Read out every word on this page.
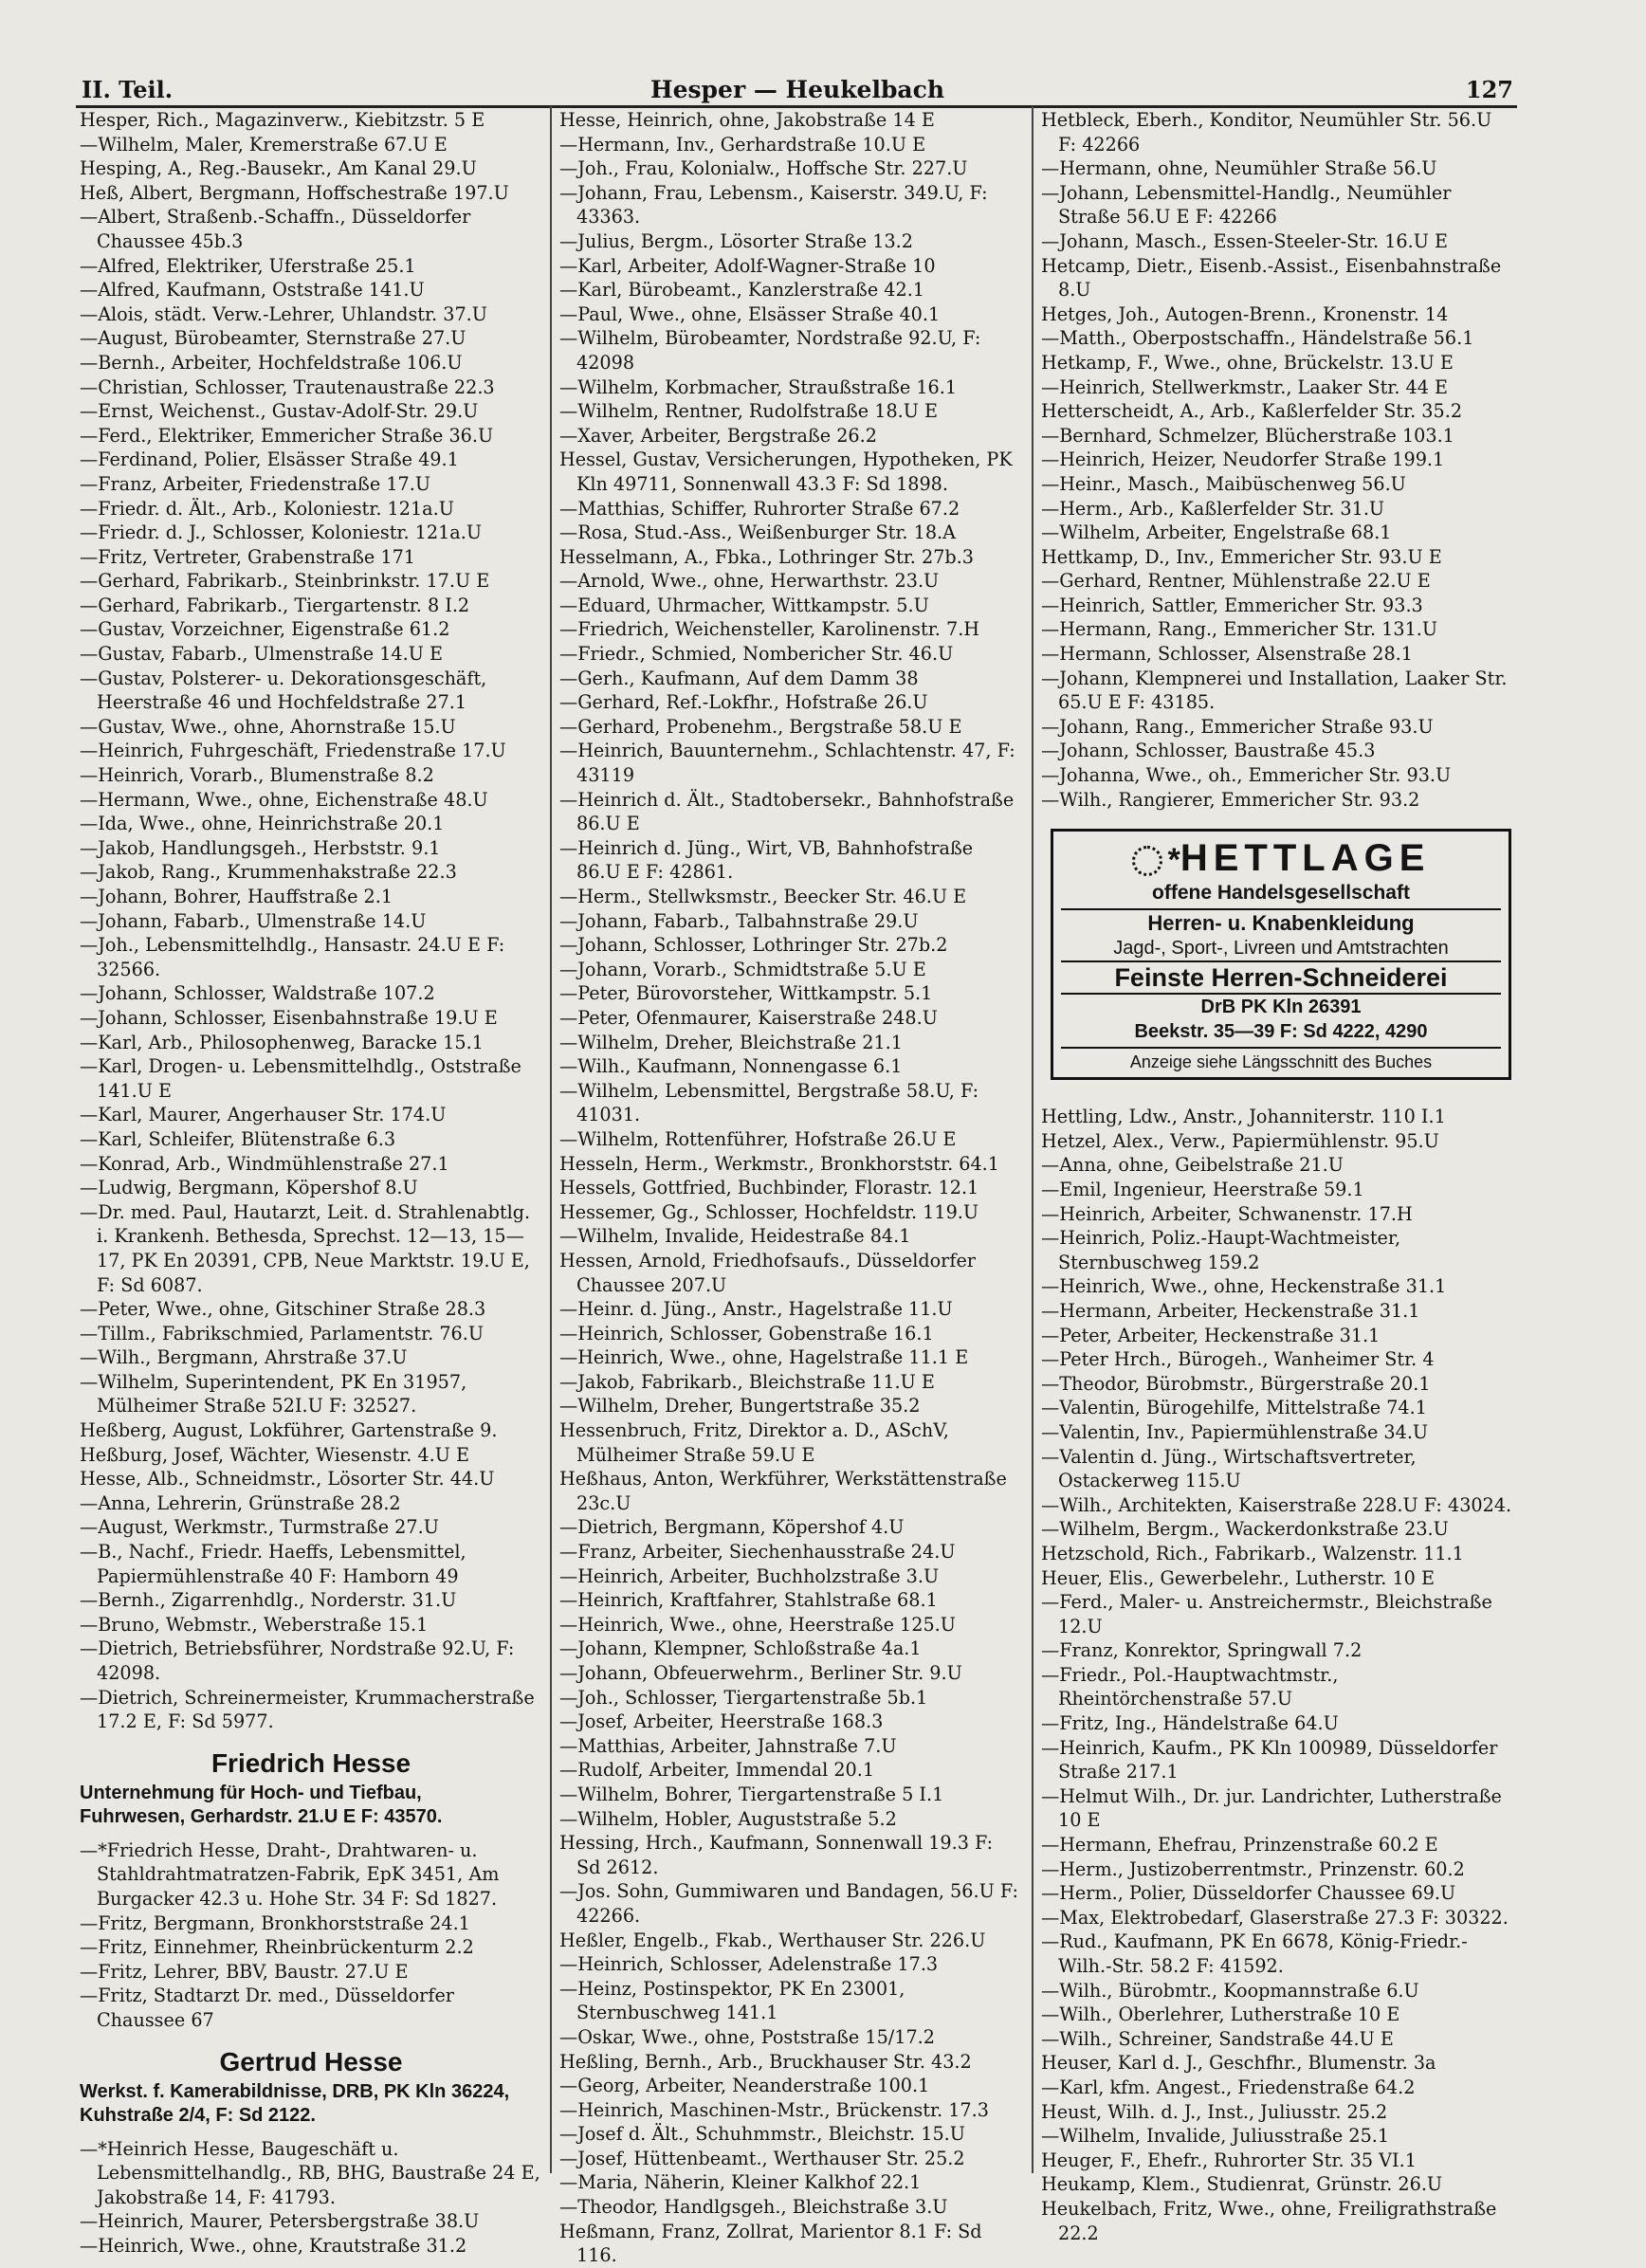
II. Teil.	Hesper — Heukelbach	127

Hesper, Rich., Magazinverw., Kiebitzstr. 5 E

—Wilhelm, Maler, Kremerstraße 67.U E

Hesping, A., Reg.-Bausekr., Am Kanal 29.U

Heß, Albert, Bergmann, Hoffschestraße 197.U

—Albert, Straßenb.-Schaffn., Düsseldorfer Chaussee 45b.3

—Alfred, Elektriker, Uferstraße 25.1

—Alfred, Kaufmann, Oststraße 141.U

—Alois, städt. Verw.-Lehrer, Uhlandstr. 37.U

—August, Bürobeamter, Sternstraße 27.U

—Bernh., Arbeiter, Hochfeldstraße 106.U

—Christian, Schlosser, Trautenaustraße 22.3

—Ernst, Weichenst., Gustav-Adolf-Str. 29.U

—Ferd., Elektriker, Emmericher Straße 36.U

—Ferdinand, Polier, Elsässer Straße 49.1

—Franz, Arbeiter, Friedenstraße 17.U

—Friedr. d. Ält., Arb., Koloniestr. 121a.U

—Friedr. d. J., Schlosser, Koloniestr. 121a.U

—Fritz, Vertreter, Grabenstraße 171

—Gerhard, Fabrikarb., Steinbrinkstr. 17.U E

—Gerhard, Fabrikarb., Tiergartenstr. 8 I.2

—Gustav, Vorzeichner, Eigenstraße 61.2

—Gustav, Fabarb., Ulmenstraße 14.U E

—Gustav, Polsterer- u. Dekorationsgeschäft, Heerstraße 46 und Hochfeldstraße 27.1

—Gustav, Wwe., ohne, Ahornstraße 15.U

—Heinrich, Fuhrgeschäft, Friedenstraße 17.U

—Heinrich, Vorarb., Blumenstraße 8.2

—Hermann, Wwe., ohne, Eichenstraße 48.U

—Ida, Wwe., ohne, Heinrichstraße 20.1

—Jakob, Handlungsgeh., Herbststr. 9.1

—Jakob, Rang., Krummenhakstraße 22.3

—Johann, Bohrer, Hauffstraße 2.1

—Johann, Fabarb., Ulmenstraße 14.U

—Joh., Lebensmittelhdlg., Hansastr. 24.U E F: 32566.

—Johann, Schlosser, Waldstraße 107.2

—Johann, Schlosser, Eisenbahnstraße 19.U E

—Karl, Arb., Philosophenweg, Baracke 15.1

—Karl, Drogen- u. Lebensmittelhdlg., Oststraße 141.U E

—Karl, Maurer, Angerhauser Str. 174.U

—Karl, Schleifer, Blütenstraße 6.3

—Konrad, Arb., Windmühlenstraße 27.1

—Ludwig, Bergmann, Köpershof 8.U

—Dr. med. Paul, Hautarzt, Leit. d. Strahlenabtlg. i. Krankenh. Bethesda, Sprechst. 12—13, 15—17, PK En 20391, CPB, Neue Marktstr. 19.U E, F: Sd 6087.

—Peter, Wwe., ohne, Gitschiner Straße 28.3

—Tillm., Fabrikschmied, Parlamentstr. 76.U

—Wilh., Bergmann, Ahrstraße 37.U

—Wilhelm, Superintendent, PK En 31957, Mülheimer Straße 52I.U F: 32527.

Heßberg, August, Lokführer, Gartenstraße 9.

Heßburg, Josef, Wächter, Wiesenstr. 4.U E

Hesse, Alb., Schneidmstr., Lösorter Str. 44.U

—Anna, Lehrerin, Grünstraße 28.2

—August, Werkmstr., Turmstraße 27.U

—B., Nachf., Friedr. Haeffs, Lebensmittel, Papiermühlenstraße 40 F: Hamborn 49

—Bernh., Zigarrenhdlg., Norderstr. 31.U

—Bruno, Webmstr., Weberstraße 15.1

—Dietrich, Betriebsführer, Nordstraße 92.U, F: 42098.

—Dietrich, Schreinermeister, Krummacherstraße 17.2 E, F: Sd 5977.

Friedrich Hesse
Unternehmung für Hoch- und Tiefbau,
Fuhrwesen, Gerhardstr. 21.U E F: 43570.

—*Friedrich Hesse, Draht-, Drahtwaren- u. Stahldrahtmatratzen-Fabrik, EpK 3451, Am Burgacker 42.3 u. Hohe Str. 34 F: Sd 1827.

—Fritz, Bergmann, Bronkhorststraße 24.1

—Fritz, Einnehmer, Rheinbrückenturm 2.2

—Fritz, Lehrer, BBV, Baustr. 27.U E

—Fritz, Stadtarzt Dr. med., Düsseldorfer Chaussee 67

Gertrud Hesse
Werkst. f. Kamerabildnisse, DRB, PK Kln 36224, Kuhstraße 2/4, F: Sd 2122.

—*Heinrich Hesse, Baugeschäft u. Lebensmittelhandlg., RB, BHG, Baustraße 24 E, Jakobstraße 14, F: 41793.

—Heinrich, Maurer, Petersbergstraße 38.U

—Heinrich, Wwe., ohne, Krautstraße 31.2

Hesse, Heinrich, ohne, Jakobstraße 14 E

—Hermann, Inv., Gerhardstraße 10.U E

—Joh., Frau, Kolonialw., Hoffsche Str. 227.U

—Johann, Frau, Lebensm., Kaiserstr. 349.U, F: 43363.

—Julius, Bergm., Lösorter Straße 13.2

—Karl, Arbeiter, Adolf-Wagner-Straße 10

—Karl, Bürobeamt., Kanzlerstraße 42.1

—Paul, Wwe., ohne, Elsässer Straße 40.1

—Wilhelm, Bürobeamter, Nordstraße 92.U, F: 42098

—Wilhelm, Korbmacher, Straußstraße 16.1

—Wilhelm, Rentner, Rudolfstraße 18.U E

—Xaver, Arbeiter, Bergstraße 26.2

Hessel, Gustav, Versicherungen, Hypotheken, PK Kln 49711, Sonnenwall 43.3 F: Sd 1898.

—Matthias, Schiffer, Ruhrorter Straße 67.2

—Rosa, Stud.-Ass., Weißenburger Str. 18.A

Hesselmann, A., Fbka., Lothringer Str. 27b.3

—Arnold, Wwe., ohne, Herwarthstr. 23.U

—Eduard, Uhrmacher, Wittkampstr. 5.U

—Friedrich, Weichensteller, Karolinenstr. 7.H

—Friedr., Schmied, Nombericher Str. 46.U

—Gerh., Kaufmann, Auf dem Damm 38

—Gerhard, Ref.-Lokfhr., Hofstraße 26.U

—Gerhard, Probenehm., Bergstraße 58.U E

—Heinrich, Bauunternehm., Schlachtenstr. 47, F: 43119

—Heinrich d. Ält., Stadtobersekr., Bahnhofstraße 86.U E

—Heinrich d. Jüng., Wirt, VB, Bahnhofstraße 86.U E F: 42861.

—Herm., Stellwksmstr., Beecker Str. 46.U E

—Johann, Fabarb., Talbahnstraße 29.U

—Johann, Schlosser, Lothringer Str. 27b.2

—Johann, Vorarb., Schmidtstraße 5.U E

—Peter, Bürovorsteher, Wittkampstr. 5.1

—Peter, Ofenmaurer, Kaiserstraße 248.U

—Wilhelm, Dreher, Bleichstraße 21.1

—Wilh., Kaufmann, Nonnengasse 6.1

—Wilhelm, Lebensmittel, Bergstraße 58.U, F: 41031.

—Wilhelm, Rottenführer, Hofstraße 26.U E

Hesseln, Herm., Werkmstr., Bronkhorststr. 64.1

Hessels, Gottfried, Buchbinder, Florastr. 12.1

Hessemer, Gg., Schlosser, Hochfeldstr. 119.U

—Wilhelm, Invalide, Heidestraße 84.1

Hessen, Arnold, Friedhofsaufs., Düsseldorfer Chaussee 207.U

—Heinr. d. Jüng., Anstr., Hagelstraße 11.U

—Heinrich, Schlosser, Gobenstraße 16.1

—Heinrich, Wwe., ohne, Hagelstraße 11.1 E

—Jakob, Fabrikarb., Bleichstraße 11.U E

—Wilhelm, Dreher, Bungertstraße 35.2

Hessenbruch, Fritz, Direktor a. D., ASchV, Mülheimer Straße 59.U E

Heßhaus, Anton, Werkführer, Werkstättenstraße 23c.U

—Dietrich, Bergmann, Köpershof 4.U

—Franz, Arbeiter, Siechenhausstraße 24.U

—Heinrich, Arbeiter, Buchholzstraße 3.U

—Heinrich, Kraftfahrer, Stahlstraße 68.1

—Heinrich, Wwe., ohne, Heerstraße 125.U

—Johann, Klempner, Schloßstraße 4a.1

—Johann, Obfeuerwehrm., Berliner Str. 9.U

—Joh., Schlosser, Tiergartenstraße 5b.1

—Josef, Arbeiter, Heerstraße 168.3

—Matthias, Arbeiter, Jahnstraße 7.U

—Rudolf, Arbeiter, Immendal 20.1

—Wilhelm, Bohrer, Tiergartenstraße 5 I.1

—Wilhelm, Hobler, Auguststraße 5.2

Hessing, Hrch., Kaufmann, Sonnenwall 19.3 F: Sd 2612.

—Jos. Sohn, Gummiwaren und Bandagen, 56.U F: 42266.

Heßler, Engelb., Fkab., Werthauser Str. 226.U

—Heinrich, Schlosser, Adelenstraße 17.3

—Heinz, Postinspektor, PK En 23001, Sternbuschweg 141.1

—Oskar, Wwe., ohne, Poststraße 15/17.2

Heßling, Bernh., Arb., Bruckhauser Str. 43.2

—Georg, Arbeiter, Neanderstraße 100.1

—Heinrich, Maschinen-Mstr., Brückenstr. 17.3

—Josef d. Ält., Schuhmmstr., Bleichstr. 15.U

—Josef, Hüttenbeamt., Werthauser Str. 25.2

—Maria, Näherin, Kleiner Kalkhof 22.1

—Theodor, Handlgsgeh., Bleichstraße 3.U

Heßmann, Franz, Zollrat, Marientor 8.1 F: Sd 116.

Hetbleck, Eberh., Konditor, Neumühler Str. 56.U F: 42266

—Hermann, ohne, Neumühler Straße 56.U

—Johann, Lebensmittel-Handlg., Neumühler Straße 56.U E F: 42266

—Johann, Masch., Essen-Steeler-Str. 16.U E

Hetcamp, Dietr., Eisenb.-Assist., Eisenbahnstraße 8.U

Hetges, Joh., Autogen-Brenn., Kronenstr. 14

—Matth., Oberpostschaffn., Händelstraße 56.1

Hetkamp, F., Wwe., ohne, Brückelstr. 13.U E

—Heinrich, Stellwerkmstr., Laaker Str. 44 E

Hetterscheidt, A., Arb., Kaßlerfelder Str. 35.2

—Bernhard, Schmelzer, Blücherstraße 103.1

—Heinrich, Heizer, Neudorfer Straße 199.1

—Heinr., Masch., Maibüschenweg 56.U

—Herm., Arb., Kaßlerfelder Str. 31.U

—Wilhelm, Arbeiter, Engelstraße 68.1

Hettkamp, D., Inv., Emmericher Str. 93.U E

—Gerhard, Rentner, Mühlenstraße 22.U E

—Heinrich, Sattler, Emmericher Str. 93.3

—Hermann, Rang., Emmericher Str. 131.U

—Hermann, Schlosser, Alsenstraße 28.1

—Johann, Klempnerei und Installation, Laaker Str. 65.U E F: 43185.

—Johann, Rang., Emmericher Straße 93.U

—Johann, Schlosser, Baustraße 45.3

—Johanna, Wwe., oh., Emmericher Str. 93.U

—Wilh., Rangierer, Emmericher Str. 93.2

*HETTLAGE
offene Handelsgesellschaft
Herren- u. Knabenkleidung
Jagd-, Sport-, Livreen und Amtstrachten
Feinste Herren-Schneiderei
DrB PK Kln 26391
Beekstr. 35—39 F: Sd 4222, 4290
Anzeige siehe Längsschnitt des Buches

Hettling, Ldw., Anstr., Johanniterstr. 110 I.1

Hetzel, Alex., Verw., Papiermühlenstr. 95.U

—Anna, ohne, Geibelstraße 21.U

—Emil, Ingenieur, Heerstraße 59.1

—Heinrich, Arbeiter, Schwanenstr. 17.H

—Heinrich, Poliz.-Haupt-Wachtmeister, Sternbuschweg 159.2

—Heinrich, Wwe., ohne, Heckenstraße 31.1

—Hermann, Arbeiter, Heckenstraße 31.1

—Peter, Arbeiter, Heckenstraße 31.1

—Peter Hrch., Bürogeh., Wanheimer Str. 4

—Theodor, Bürobmstr., Bürgerstraße 20.1

—Valentin, Bürogehilfe, Mittelstraße 74.1

—Valentin, Inv., Papiermühlenstraße 34.U

—Valentin d. Jüng., Wirtschaftsvertreter, Ostackerweg 115.U

—Wilh., Architekten, Kaiserstraße 228.U F: 43024.

—Wilhelm, Bergm., Wackerdonkstraße 23.U

Hetzschold, Rich., Fabrikarb., Walzenstr. 11.1

Heuer, Elis., Gewerbelehr., Lutherstr. 10 E

—Ferd., Maler- u. Anstreichermstr., Bleichstraße 12.U

—Franz, Konrektor, Springwall 7.2

—Friedr., Pol.-Hauptwachtmstr., Rheintörchenstraße 57.U

—Fritz, Ing., Händelstraße 64.U

—Heinrich, Kaufm., PK Kln 100989, Düsseldorfer Straße 217.1

—Helmut Wilh., Dr. jur. Landrichter, Lutherstraße 10 E

—Hermann, Ehefrau, Prinzenstraße 60.2 E

—Herm., Justizoberrentmstr., Prinzenstr. 60.2

—Herm., Polier, Düsseldorfer Chaussee 69.U

—Max, Elektrobedarf, Glaserstraße 27.3 F: 30322.

—Rud., Kaufmann, PK En 6678, König-Friedr.-Wilh.-Str. 58.2 F: 41592.

—Wilh., Bürobmtr., Koopmannstraße 6.U

—Wilh., Oberlehrer, Lutherstraße 10 E

—Wilh., Schreiner, Sandstraße 44.U E

Heuser, Karl d. J., Geschfhr., Blumenstr. 3a

—Karl, kfm. Angest., Friedenstraße 64.2

Heust, Wilh. d. J., Inst., Juliusstr. 25.2

—Wilhelm, Invalide, Juliusstraße 25.1

Heuger, F., Ehefr., Ruhrorter Str. 35 VI.1

Heukamp, Klem., Studienrat, Grünstr. 26.U

Heukelbach, Fritz, Wwe., ohne, Freiligrathstraße 22.2
